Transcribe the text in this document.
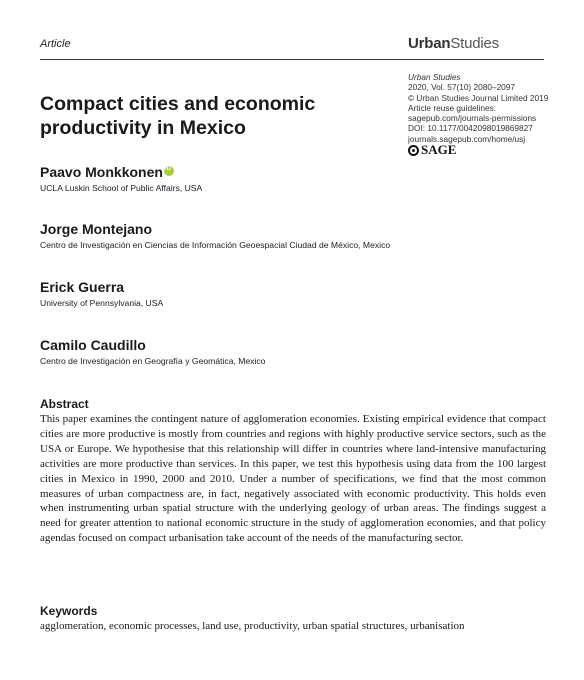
Article	UrbanStudies
Urban Studies
2020, Vol. 57(10) 2080–2097
© Urban Studies Journal Limited 2019
Article reuse guidelines:
sagepub.com/journals-permissions
DOI: 10.1177/0042098019869827
journals.sagepub.com/home/usj
SAGE
Compact cities and economic productivity in Mexico
Paavo MonkkoneniD
UCLA Luskin School of Public Affairs, USA
Jorge Montejano
Centro de Investigación en Ciencias de Información Geoespacial Ciudad de México, Mexico
Erick Guerra
University of Pennsylvania, USA
Camilo Caudillo
Centro de Investigación en Geografía y Geomática, Mexico
Abstract
This paper examines the contingent nature of agglomeration economies. Existing empirical evidence that compact cities are more productive is mostly from countries and regions with highly productive service sectors, such as the USA or Europe. We hypothesise that this relationship will differ in countries where land-intensive manufacturing activities are more productive than services. In this paper, we test this hypothesis using data from the 100 largest cities in Mexico in 1990, 2000 and 2010. Under a number of specifications, we find that the most common measures of urban compactness are, in fact, negatively associated with economic productivity. This holds even when instrumenting urban spatial structure with the underlying geology of urban areas. The findings suggest a need for greater attention to national economic structure in the study of agglomeration economies, and that policy agendas focused on compact urbanisation take account of the needs of the manufacturing sector.
Keywords
agglomeration, economic processes, land use, productivity, urban spatial structures, urbanisation
